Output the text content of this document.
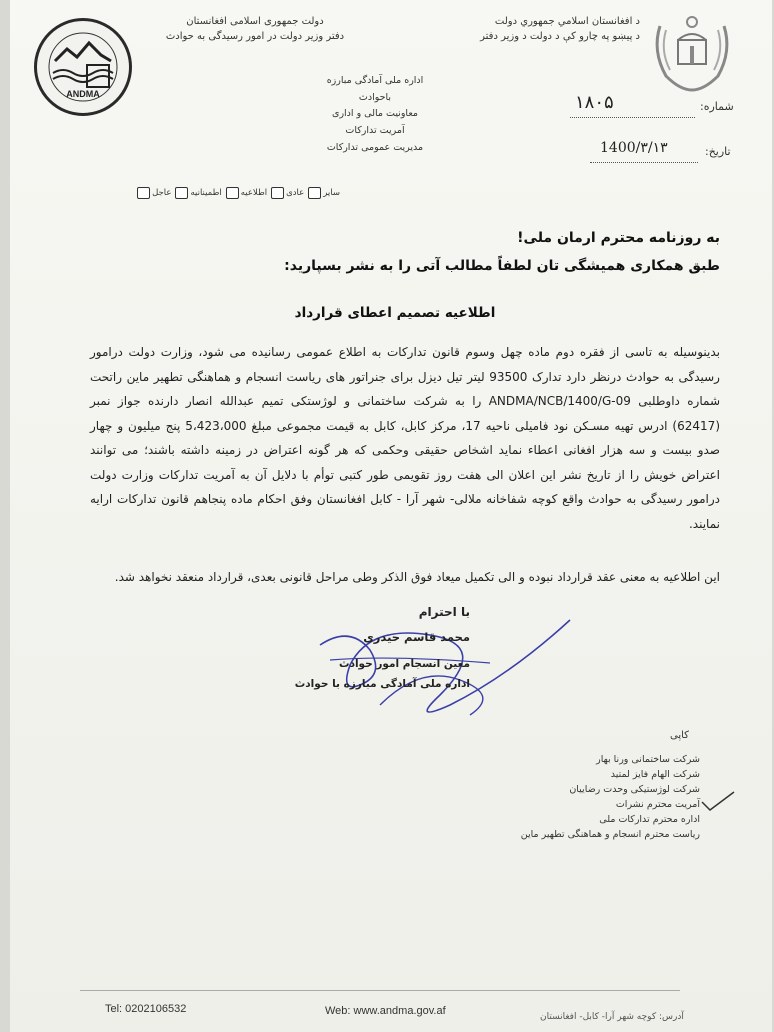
ANDMA
دولت جمهوری اسلامی افغانستان
دفتر وزیر دولت در امور رسیدگی به حوادث
د افغانستان اسلامي جمهوري دولت
د پیښو په چارو کې د دولت د وزیر دفتر
اداره ملی آمادگی مبارزه باحوادث
معاونیت مالی و اداری
آمریت تدارکات
مدیریت عمومی تدارکات
شماره:
۱۸۰۵
تاریخ:
1400/۳/۱۳
سایر
عادی
اطلاعیه
اطمینانیه
عاجل
به روزنامه محترم ارمان ملی!
طبق همکاری همیشگی تان لطفاً مطالب آتی را به نشر بسپارید:
اطلاعیه تصمیم اعطای قرارداد
بدینوسیله به تاسی از فقره دوم ماده چهل وسوم قانون تدارکات به اطلاع عمومی رسانیده می شود، وزارت دولت درامور رسیدگی به حوادث درنظر دارد تدارک 93500 لیتر تیل دیزل برای جنراتور های ریاست انسجام و هماهنگی تطهیر ماین راتحت شماره داوطلبی ANDMA/NCB/1400/G-09 را به شرکت ساختمانی و لوژستکی تمیم عبدالله انصار دارنده جواز نمبر (62417) ادرس تهیه مسـکن نود فامیلی ناحیه 17، مرکز کابل، کابل به قیمت مجموعی مبلغ 5،423،000 پنج میلیون و چهار صدو بیست و سه هزار افغانی اعطاء نماید اشخاص حقیقی وحکمی که هر گونه اعتراض در زمینه داشته باشند؛ می توانند اعتراض خویش را از تاریخ نشر این اعلان الی هفت روز تقویمی طور کتبی توأم با دلایل آن به آمریت تدارکات وزارت دولت درامور رسیدگی به حوادث واقع کوچه شفاخانه ملالی- شهر آرا - کابل افغانستان وفق احکام ماده پنجاهم قانون تدارکات ارایه نمایند.
این اطلاعیه به معنی عقد قرارداد نبوده و الی تکمیل میعاد فوق الذکر وطی مراحل قانونی بعدی، قرارداد منعقد نخواهد شد.
با احترام
محمد قاسم حیدری
معین انسجام امور حوادث
اداره ملی آمادگی مبارزه با حوادث
کاپی
شرکت ساختمانی ورنا بهار
شرکت الهام فایز لمتید
شرکت لوژستیکی وحدت رضاییان
آمریت محترم نشرات
اداره محترم تدارکات ملی
ریاست محترم انسجام و هماهنگی تطهیر ماین
Tel: 0202106532	Web: www.andma.gov.af	آدرس: کوچه شهر آرا- کابل- افغانستان
